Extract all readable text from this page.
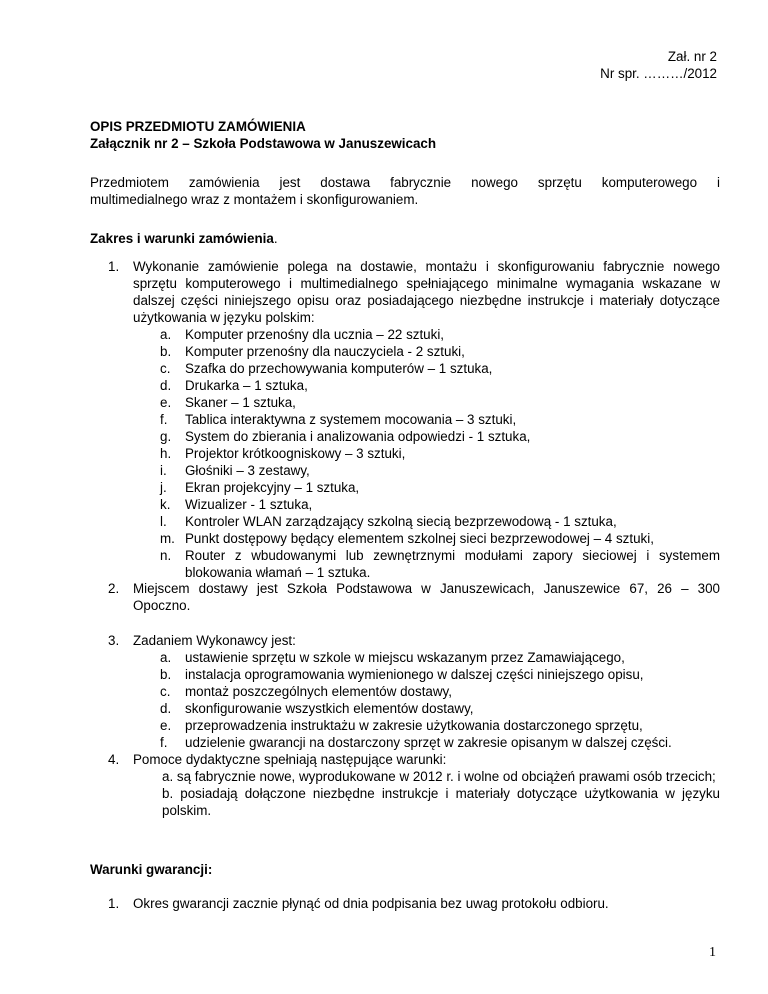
Zał. nr 2
Nr spr. ………/2012
OPIS PRZEDMIOTU ZAMÓWIENIA
Załącznik nr 2 – Szkoła Podstawowa w Januszewicach
Przedmiotem zamówienia jest dostawa fabrycznie nowego sprzętu komputerowego i
multimedialnego wraz z montażem i skonfigurowaniem.
Zakres i warunki zamówienia.
1. Wykonanie zamówienie polega na dostawie, montażu i skonfigurowaniu fabrycznie nowego sprzętu komputerowego i multimedialnego spełniającego minimalne wymagania wskazane w dalszej części niniejszego opisu oraz posiadającego niezbędne instrukcje i materiały dotyczące użytkowania w języku polskim:
a. Komputer przenośny dla ucznia – 22 sztuki,
b. Komputer przenośny dla nauczyciela - 2 sztuki,
c. Szafka do przechowywania komputerów – 1 sztuka,
d. Drukarka – 1 sztuka,
e. Skaner – 1 sztuka,
f. Tablica interaktywna z systemem mocowania – 3 sztuki,
g. System do zbierania i analizowania odpowiedzi - 1 sztuka,
h. Projektor krótkoogniskowy – 3 sztuki,
i. Głośniki – 3 zestawy,
j. Ekran projekcyjny – 1 sztuka,
k. Wizualizer - 1 sztuka,
l. Kontroler WLAN zarządzający szkolną siecią bezprzewodową - 1 sztuka,
m. Punkt dostępowy będący elementem szkolnej sieci bezprzewodowej – 4 sztuki,
n. Router z wbudowanymi lub zewnętrznymi modułami zapory sieciowej i systemem blokowania włamań – 1 sztuka.
2. Miejscem dostawy jest Szkoła Podstawowa w Januszewicach, Januszewice 67, 26 – 300 Opoczno.
3. Zadaniem Wykonawcy jest:
a. ustawienie sprzętu w szkole w miejscu wskazanym przez Zamawiającego,
b. instalacja oprogramowania wymienionego w dalszej części niniejszego opisu,
c. montaż poszczególnych elementów dostawy,
d. skonfigurowanie wszystkich elementów dostawy,
e. przeprowadzenia instruktażu w zakresie użytkowania dostarczonego sprzętu,
f. udzielenie gwarancji na dostarczony sprzęt w zakresie opisanym w dalszej części.
4. Pomoce dydaktyczne spełniają następujące warunki:
a. są fabrycznie nowe, wyprodukowane w 2012 r. i wolne od obciążeń prawami osób trzecich;
b. posiadają dołączone niezbędne instrukcje i materiały dotyczące użytkowania w języku polskim.
Warunki gwarancji:
1. Okres gwarancji zacznie płynąć od dnia podpisania bez uwag protokołu odbioru.
1
